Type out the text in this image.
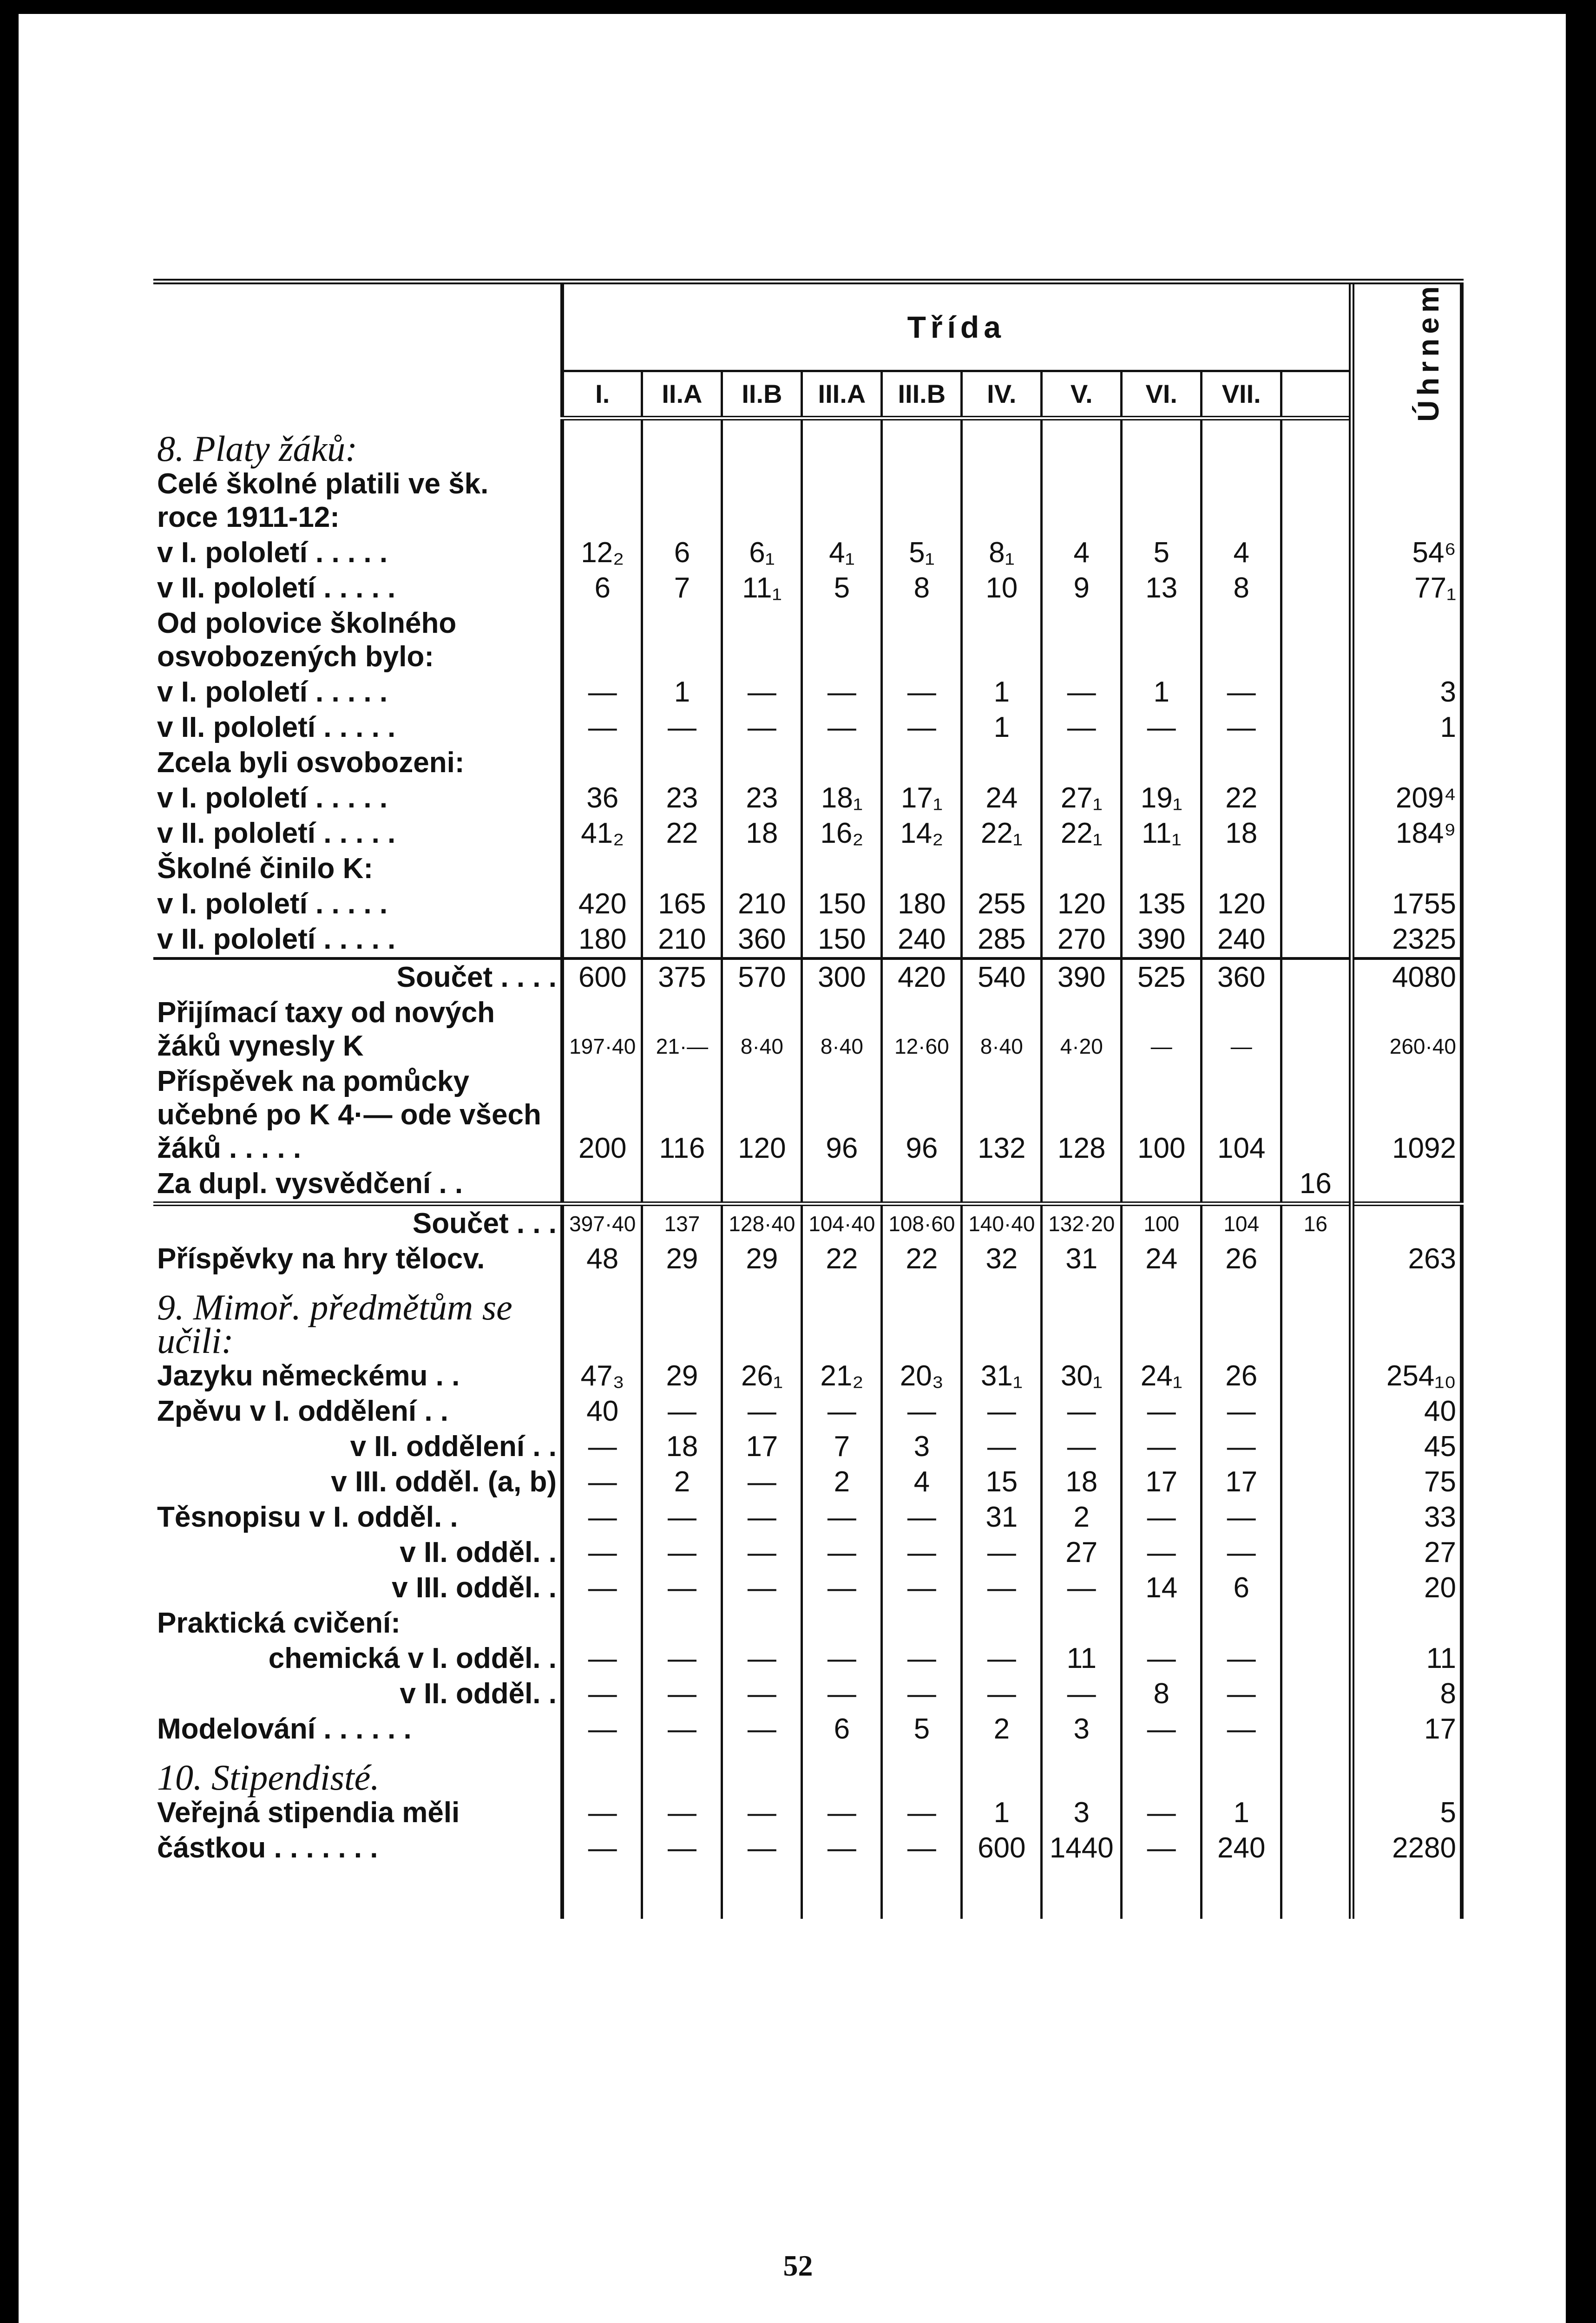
	Třída										Úhrnem
	I.	II.A	II.B	III.A	III.B	IV.	V.	VI.	VII.		
8. Platy žáků:											
Celé školné platili ve šk. roce 1911-12:											
v I. pololetí . . . . .	12₂	6	6₁	4₁	5₁	8₁	4	5	4		54⁶
v II. pololetí . . . . .	6	7	11₁	5	8	10	9	13	8		77₁
Od polovice školného osvobozených bylo:											
v I. pololetí . . . . .	—	1	—	—	—	1	—	1	—		3
v II. pololetí . . . . .	—	—	—	—	—	1	—	—	—		1
Zcela byli osvobozeni:											
v I. pololetí . . . . .	36	23	23	18₁	17₁	24	27₁	19₁	22		209⁴
v II. pololetí . . . . .	41₂	22	18	16₂	14₂	22₁	22₁	11₁	18		184⁹
Školné činilo K:											
v I. pololetí . . . . .	420	165	210	150	180	255	120	135	120		1755
v II. pololetí . . . . .	180	210	360	150	240	285	270	390	240		2325

Součet . . . .	600	375	570	300	420	540	390	525	360		4080
Přijímací taxy od nových žáků vynesly K	197·40	21·—	8·40	8·40	12·60	8·40	4·20	—	—		260·40
Příspěvek na pomůcky učebné po K 4·— ode všech žáků . . . . .	200	116	120	96	96	132	128	100	104		1092
Za dupl. vysvědčení . .										16	

Součet . . .	397·40	137	128·40	104·40	108·60	140·40	132·20	100	104	16	
Příspěvky na hry tělocv.	48	29	29	22	22	32	31	24	26		263
9. Mimoř. předmětům se učili:											
Jazyku německému . .	47₃	29	26₁	21₂	20₃	31₁	30₁	24₁	26		254₁₀
Zpěvu v I. oddělení . .	40	—	—	—	—	—	—	—	—		40

v II. oddělení . .	—	18	17	7	3	—	—	—	—		45

v III. odděl. (a, b)	—	2	—	2	4	15	18	17	17		75
Těsnopisu v I. odděl. .	—	—	—	—	—	31	2	—	—		33

v II. odděl. .	—	—	—	—	—	—	27	—	—		27

v III. odděl. .	—	—	—	—	—	—	—	14	6		20
Praktická cvičení:											

chemická v I. odděl. .	—	—	—	—	—	—	11	—	—		11

v II. odděl. .	—	—	—	—	—	—	—	8	—		8
Modelování . . . . . .	—	—	—	6	5	2	3	—	—		17
10. Stipendisté.											
Veřejná stipendia měli	—	—	—	—	—	1	3	—	1		5
částkou . . . . . . .	—	—	—	—	—	600	1440	—	240		2280

52
